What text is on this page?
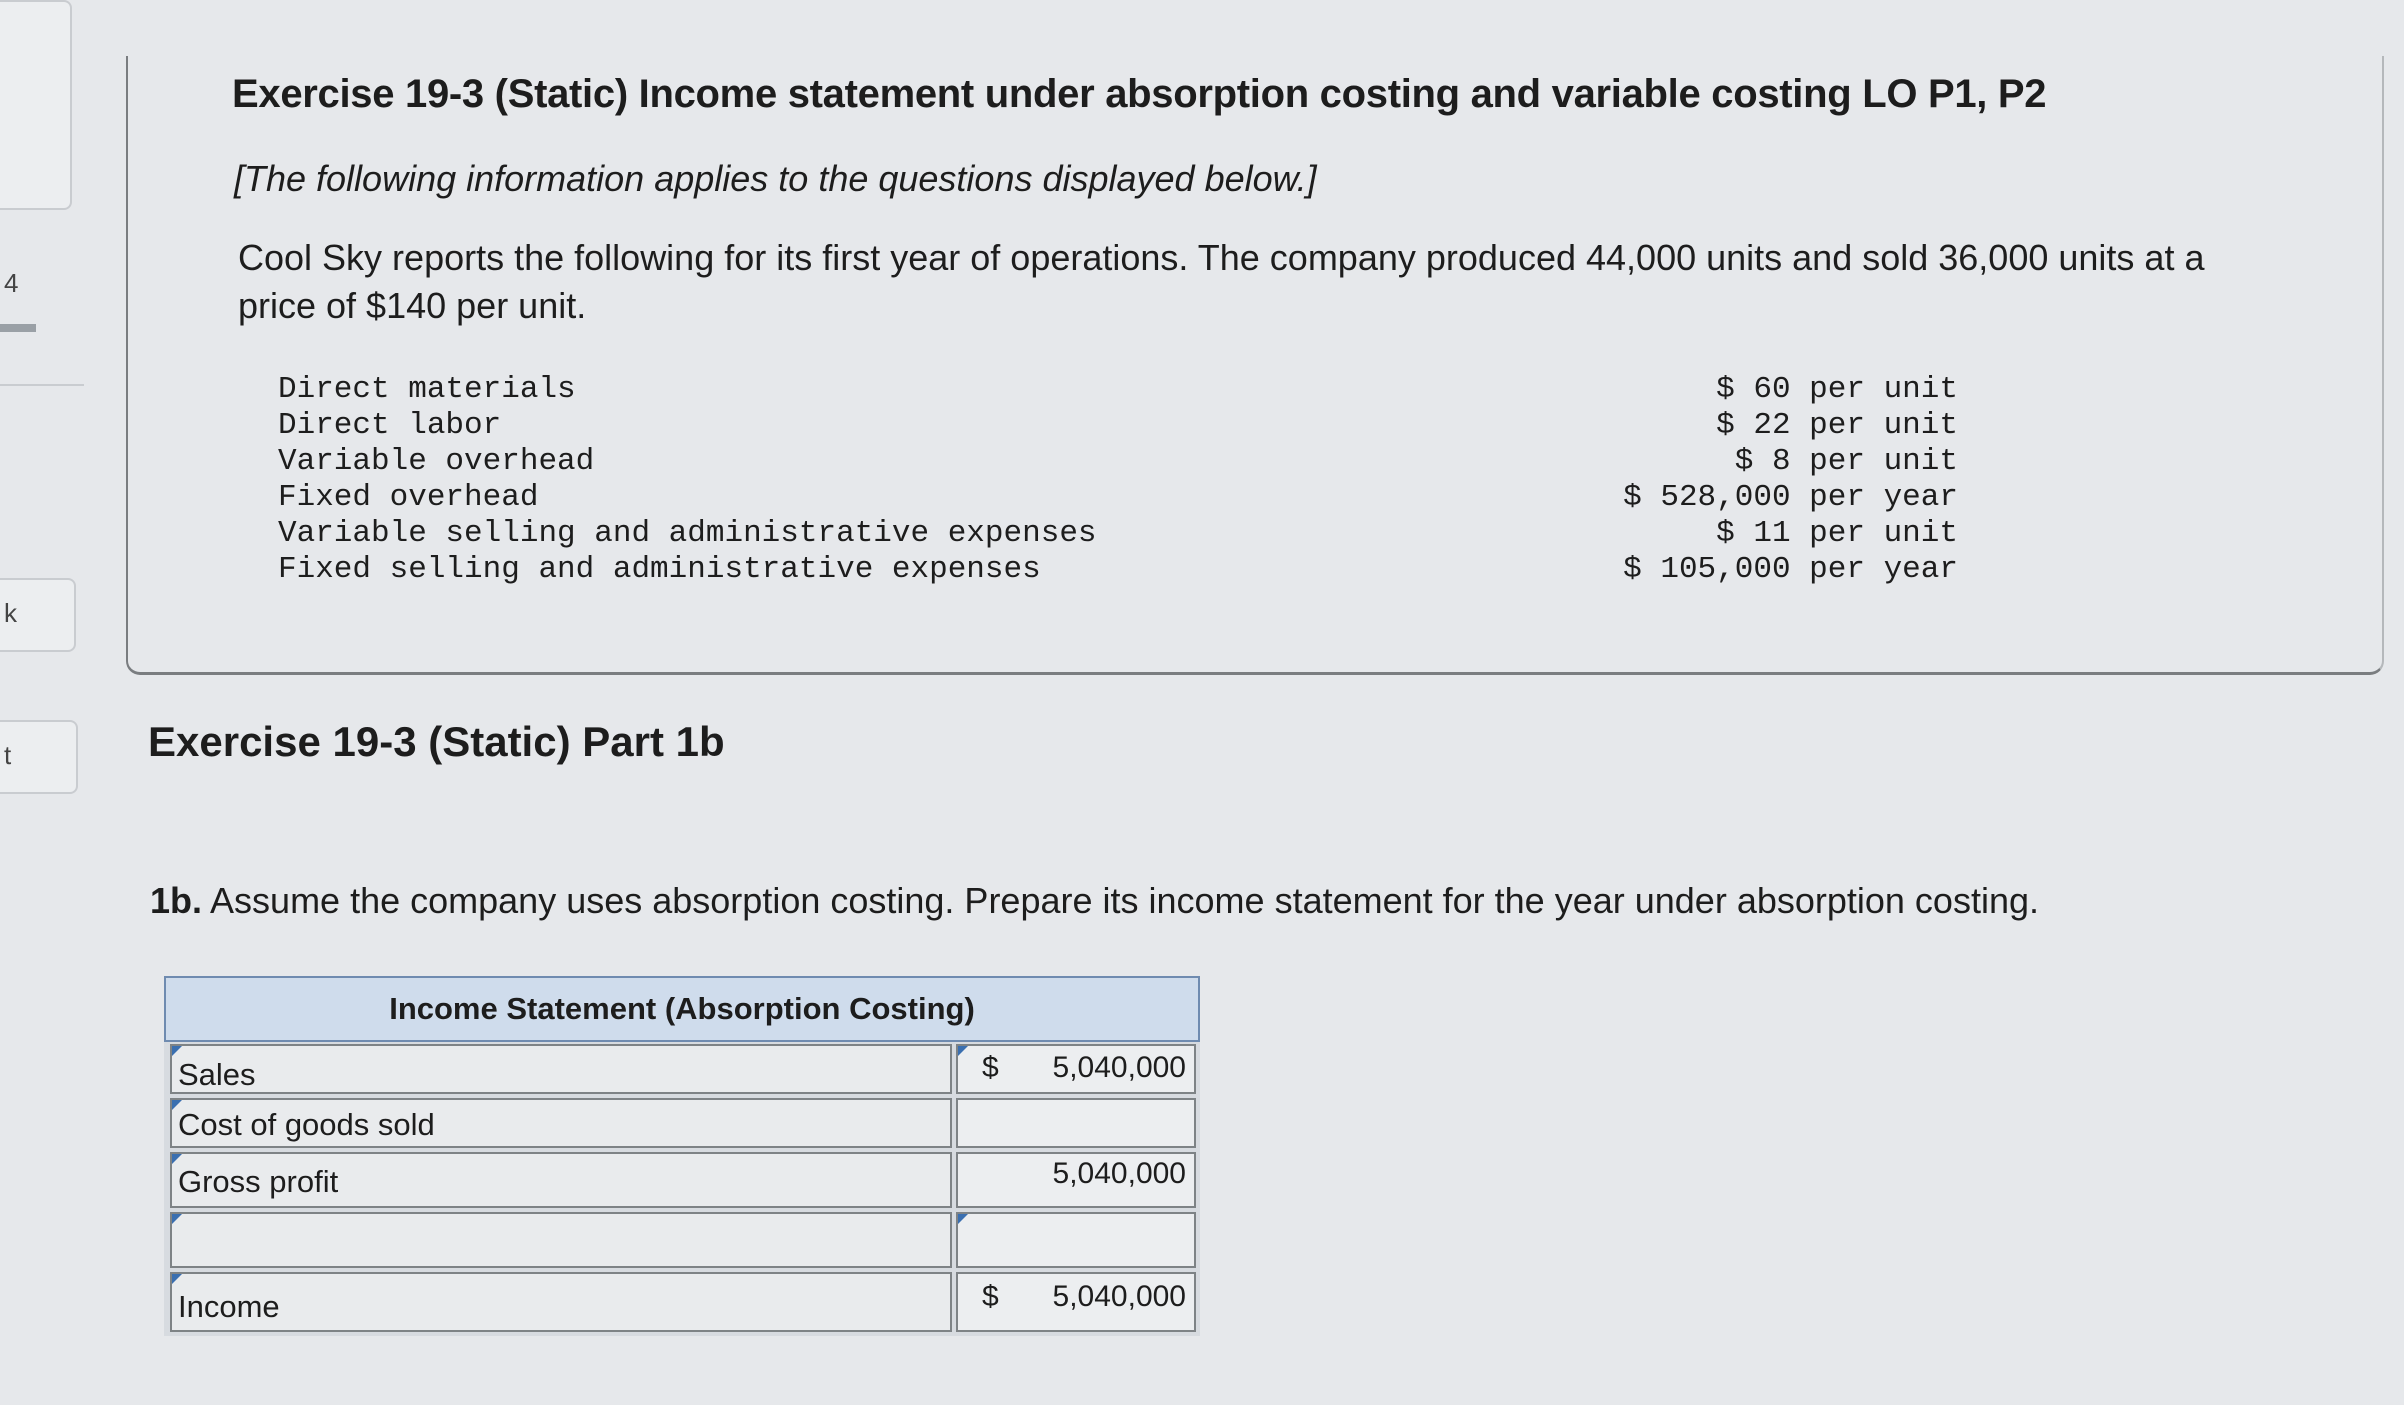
4
k
t
Exercise 19-3 (Static) Income statement under absorption costing and variable costing LO P1, P2
[The following information applies to the questions displayed below.]
Cool Sky reports the following for its first year of operations. The company produced 44,000 units and sold 36,000 units at a price of $140 per unit.
Direct materials	$ 60 per unit
Direct labor	$ 22 per unit
Variable overhead	$ 8 per unit
Fixed overhead	$ 528,000 per year
Variable selling and administrative expenses	$ 11 per unit
Fixed selling and administrative expenses	$ 105,000 per year
Exercise 19-3 (Static) Part 1b
1b. Assume the company uses absorption costing. Prepare its income statement for the year under absorption costing.
Income Statement (Absorption Costing)
Sales	$ 5,040,000
Cost of goods sold
Gross profit	5,040,000
Income	$ 5,040,000
